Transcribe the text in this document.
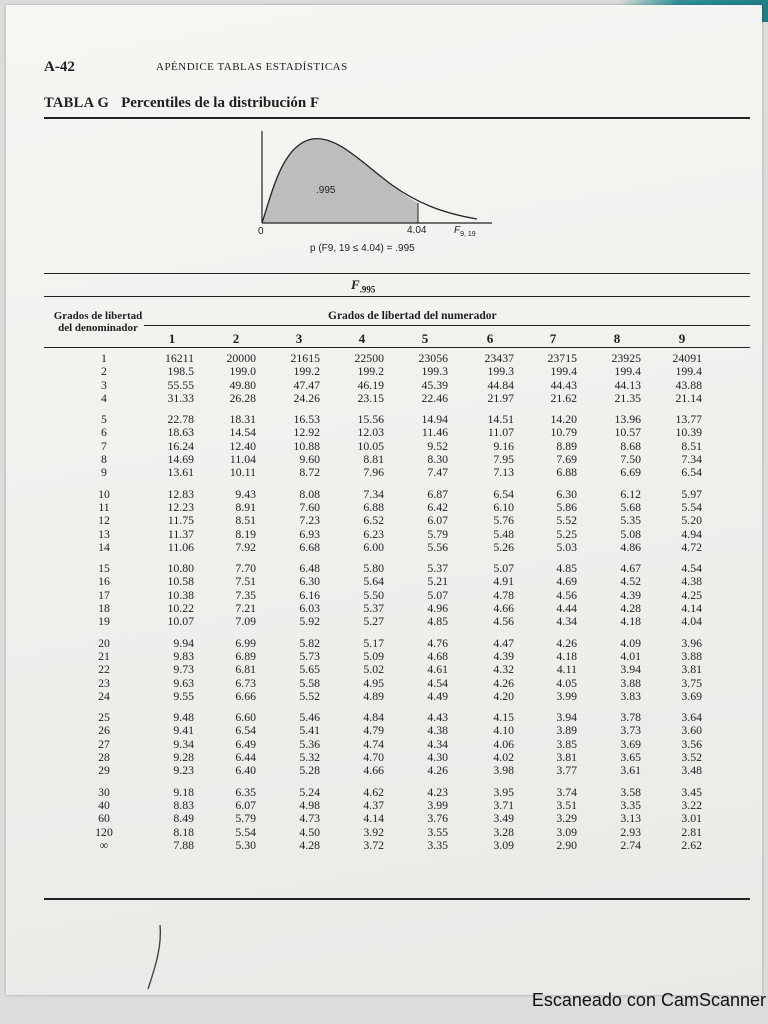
A-42	APÉNDICE TABLAS ESTADÍSTICAS
TABLA G Percentiles de la distribución F
.995
0	4.04	$F_{9, 19}$
p (F9, 19 ≤ 4.04) = .995
$F_{.995}$
Grados de libertad del denominador
Grados de libertad del numerador
1	2	3	4	5	6	7	8	9
1	16211	20000	21615	22500	23056	23437	23715	23925	24091
2	198.5	199.0	199.2	199.2	199.3	199.3	199.4	199.4	199.4
3	55.55	49.80	47.47	46.19	45.39	44.84	44.43	44.13	43.88
4	31.33	26.28	24.26	23.15	22.46	21.97	21.62	21.35	21.14
5	22.78	18.31	16.53	15.56	14.94	14.51	14.20	13.96	13.77
6	18.63	14.54	12.92	12.03	11.46	11.07	10.79	10.57	10.39
7	16.24	12.40	10.88	10.05	9.52	9.16	8.89	8.68	8.51
8	14.69	11.04	9.60	8.81	8.30	7.95	7.69	7.50	7.34
9	13.61	10.11	8.72	7.96	7.47	7.13	6.88	6.69	6.54
10	12.83	9.43	8.08	7.34	6.87	6.54	6.30	6.12	5.97
11	12.23	8.91	7.60	6.88	6.42	6.10	5.86	5.68	5.54
12	11.75	8.51	7.23	6.52	6.07	5.76	5.52	5.35	5.20
13	11.37	8.19	6.93	6.23	5.79	5.48	5.25	5.08	4.94
14	11.06	7.92	6.68	6.00	5.56	5.26	5.03	4.86	4.72
15	10.80	7.70	6.48	5.80	5.37	5.07	4.85	4.67	4.54
16	10.58	7.51	6.30	5.64	5.21	4.91	4.69	4.52	4.38
17	10.38	7.35	6.16	5.50	5.07	4.78	4.56	4.39	4.25
18	10.22	7.21	6.03	5.37	4.96	4.66	4.44	4.28	4.14
19	10.07	7.09	5.92	5.27	4.85	4.56	4.34	4.18	4.04
20	9.94	6.99	5.82	5.17	4.76	4.47	4.26	4.09	3.96
21	9.83	6.89	5.73	5.09	4.68	4.39	4.18	4.01	3.88
22	9.73	6.81	5.65	5.02	4.61	4.32	4.11	3.94	3.81
23	9.63	6.73	5.58	4.95	4.54	4.26	4.05	3.88	3.75
24	9.55	6.66	5.52	4.89	4.49	4.20	3.99	3.83	3.69
25	9.48	6.60	5.46	4.84	4.43	4.15	3.94	3.78	3.64
26	9.41	6.54	5.41	4.79	4.38	4.10	3.89	3.73	3.60
27	9.34	6.49	5.36	4.74	4.34	4.06	3.85	3.69	3.56
28	9.28	6.44	5.32	4.70	4.30	4.02	3.81	3.65	3.52
29	9.23	6.40	5.28	4.66	4.26	3.98	3.77	3.61	3.48
30	9.18	6.35	5.24	4.62	4.23	3.95	3.74	3.58	3.45
40	8.83	6.07	4.98	4.37	3.99	3.71	3.51	3.35	3.22
60	8.49	5.79	4.73	4.14	3.76	3.49	3.29	3.13	3.01
120	8.18	5.54	4.50	3.92	3.55	3.28	3.09	2.93	2.81
∞	7.88	5.30	4.28	3.72	3.35	3.09	2.90	2.74	2.62
Escaneado con CamScanner
